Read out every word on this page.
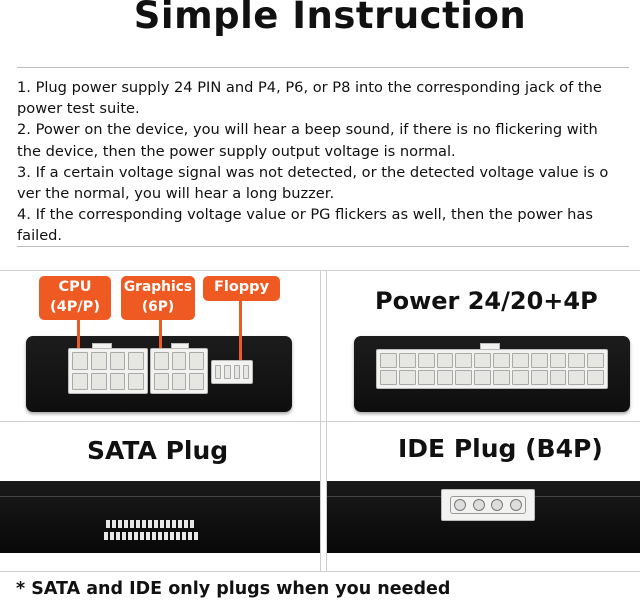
Simple Instruction
1. Plug power supply 24 PIN and P4, P6, or P8 into the corresponding jack of the
power test suite.
2. Power on the device, you will hear a beep sound, if there is no flickering with
the device, then the power supply output voltage is normal.
3. If a certain voltage signal was not detected, or the detected voltage value is o
ver the normal, you will hear a long buzzer.
4. If the corresponding voltage value or PG flickers as well, then the power has
failed.
CPU
(4P/P)
Graphics
(6P)
Floppy	Power 24/20+4P
SATA Plug	IDE Plug (B4P)
* SATA and IDE only plugs when you needed
